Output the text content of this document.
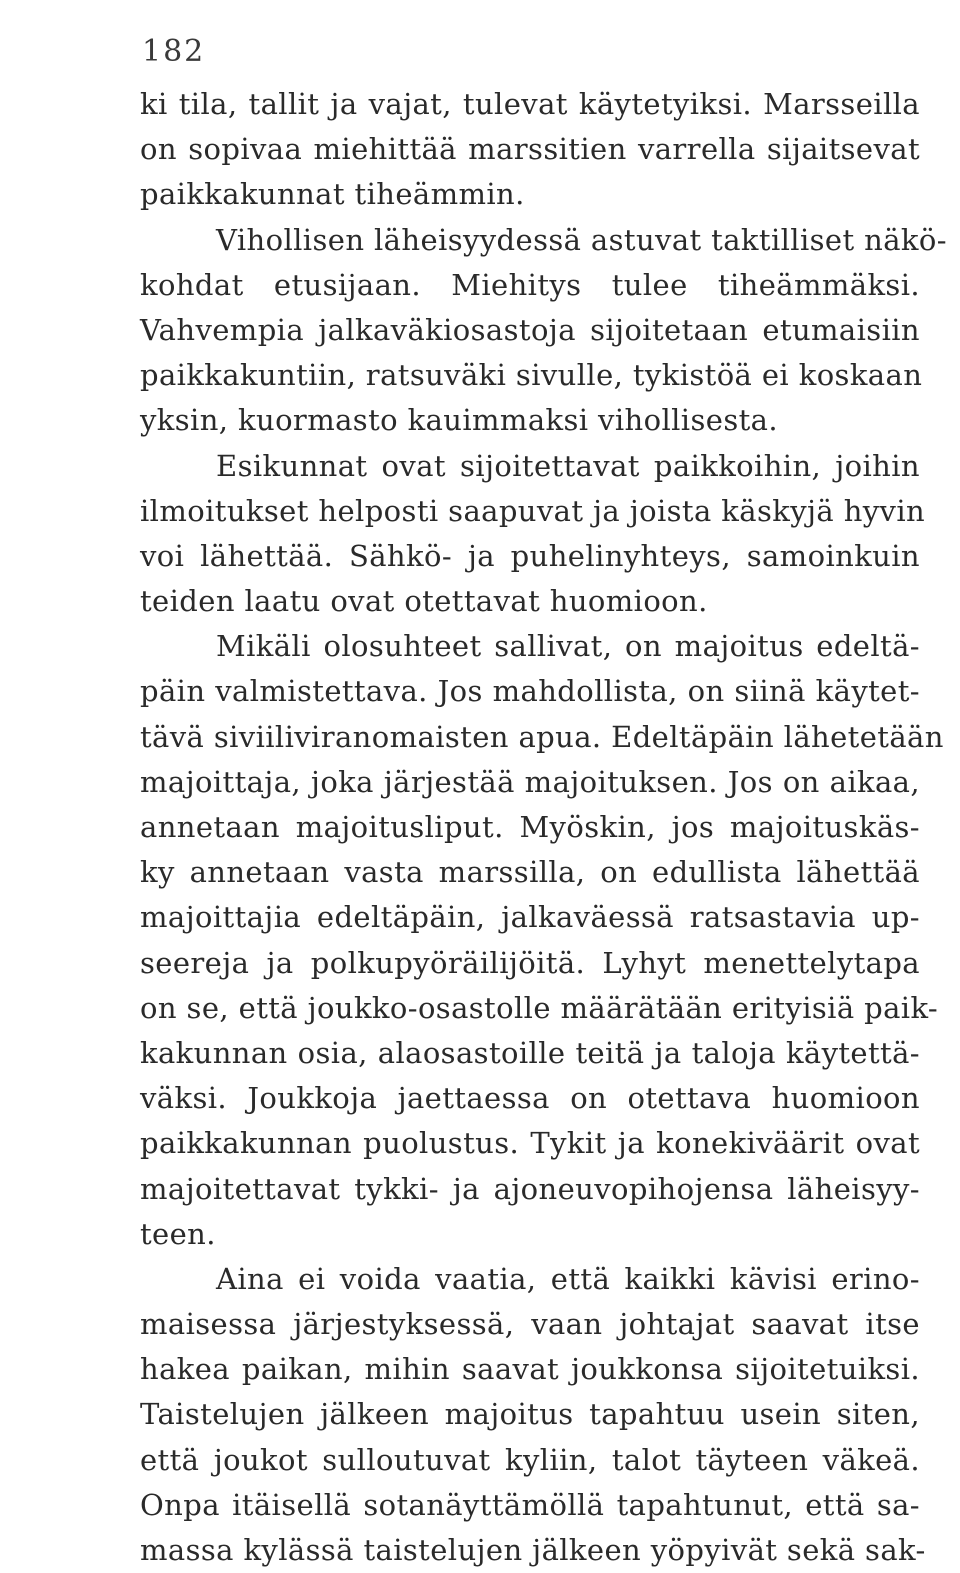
182
ki tila, tallit ja vajat, tulevat käytetyiksi. Marsseilla
on sopivaa miehittää marssitien varrella sijaitsevat
paikkakunnat tiheämmin.
Vihollisen läheisyydessä astuvat taktilliset näkö-
kohdat etusijaan. Miehitys tulee tiheämmäksi.
Vahvempia jalkaväkiosastoja sijoitetaan etumaisiin
paikkakuntiin, ratsuväki sivulle, tykistöä ei koskaan
yksin, kuormasto kauimmaksi vihollisesta.
Esikunnat ovat sijoitettavat paikkoihin, joihin
ilmoitukset helposti saapuvat ja joista käskyjä hyvin
voi lähettää. Sähkö- ja puhelinyhteys, samoinkuin
teiden laatu ovat otettavat huomioon.
Mikäli olosuhteet sallivat, on majoitus edeltä-
päin valmistettava. Jos mahdollista, on siinä käytet-
tävä siviiliviranomaisten apua. Edeltäpäin lähetetään
majoittaja, joka järjestää majoituksen. Jos on aikaa,
annetaan majoitusliput. Myöskin, jos majoituskäs-
ky annetaan vasta marssilla, on edullista lähettää
majoittajia edeltäpäin, jalkaväessä ratsastavia up-
seereja ja polkupyöräilijöitä. Lyhyt menettelytapa
on se, että joukko-osastolle määrätään erityisiä paik-
kakunnan osia, alaosastoille teitä ja taloja käytettä-
väksi. Joukkoja jaettaessa on otettava huomioon
paikkakunnan puolustus. Tykit ja konekiväärit ovat
majoitettavat tykki- ja ajoneuvopihojensa läheisyy-
teen.
Aina ei voida vaatia, että kaikki kävisi erino-
maisessa järjestyksessä, vaan johtajat saavat itse
hakea paikan, mihin saavat joukkonsa sijoitetuiksi.
Taistelujen jälkeen majoitus tapahtuu usein siten,
että joukot sulloutuvat kyliin, talot täyteen väkeä.
Onpa itäisellä sotanäyttämöllä tapahtunut, että sa-
massa kylässä taistelujen jälkeen yöpyivät sekä sak-
